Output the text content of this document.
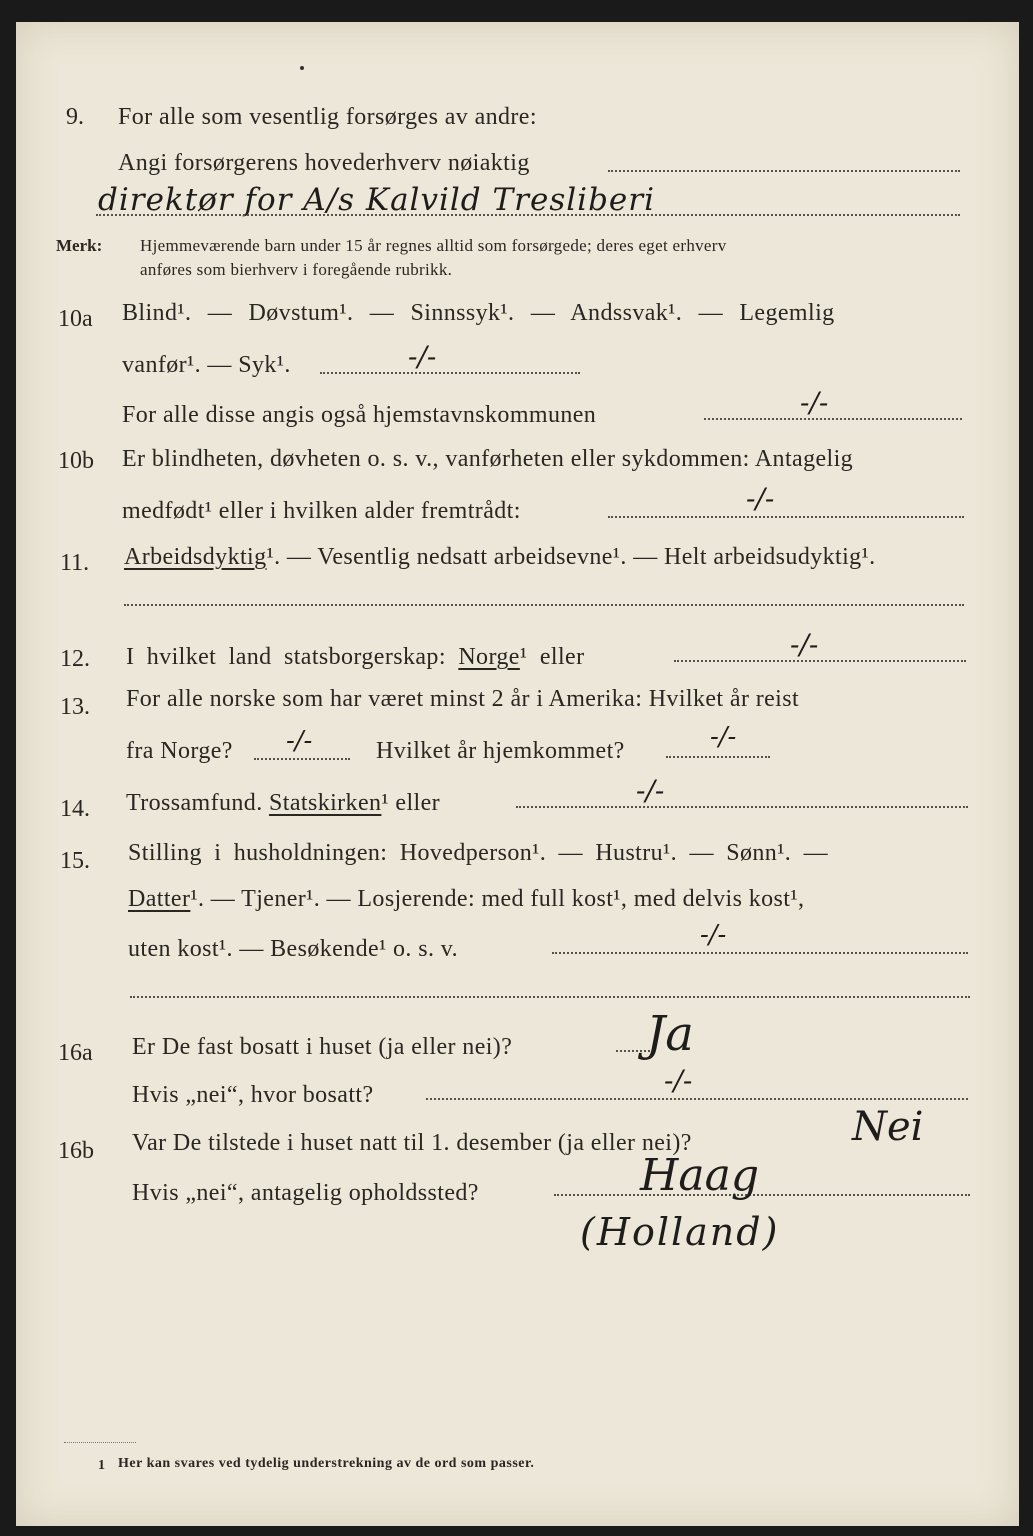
9. For alle som vesentlig forsørges av andre:
Angi forsørgerens hovederhverv nøiaktig
direktør for A/s Kalvild Tresliberi
Merk: Hjemmeværende barn under 15 år regnes alltid som forsørgede; deres eget erhverv
anføres som bierhverv i foregående rubrikk.
10a Blind¹. — Døvstum¹. — Sinnssyk¹. — Andssvak¹. — Legemlig
vanfør¹. — Syk¹.	-/-
For alle disse angis også hjemstavnskommunen	-/-
10b Er blindheten, døvheten o. s. v., vanførheten eller sykdommen: Antagelig
medfødt¹ eller i hvilken alder fremtrådt:	-/-
11. Arbeidsdyktig¹. — Vesentlig nedsatt arbeidsevne¹. — Helt arbeidsudyktig¹.
12. I hvilket land statsborgerskap: Norge¹ eller	-/-
13. For alle norske som har været minst 2 år i Amerika: Hvilket år reist
fra Norge? -/-	Hvilket år hjemkommet?	-/-
14. Trossamfund. Statskirken¹ eller	-/-
15. Stilling i husholdningen: Hovedperson¹. — Hustru¹. — Sønn¹. —
Datter¹. — Tjener¹. — Losjerende: med full kost¹, med delvis kost¹,
uten kost¹. — Besøkende¹ o. s. v.	-/-
16a Er De fast bosatt i huset (ja eller nei)?	Ja
Hvis „nei“, hvor bosatt?	-/-
16b Var De tilstede i huset natt til 1. desember (ja eller nei)?	Nei
Hvis „nei“, antagelig opholdssted?	Haag
(Holland)
1 Her kan svares ved tydelig understrekning av de ord som passer.
